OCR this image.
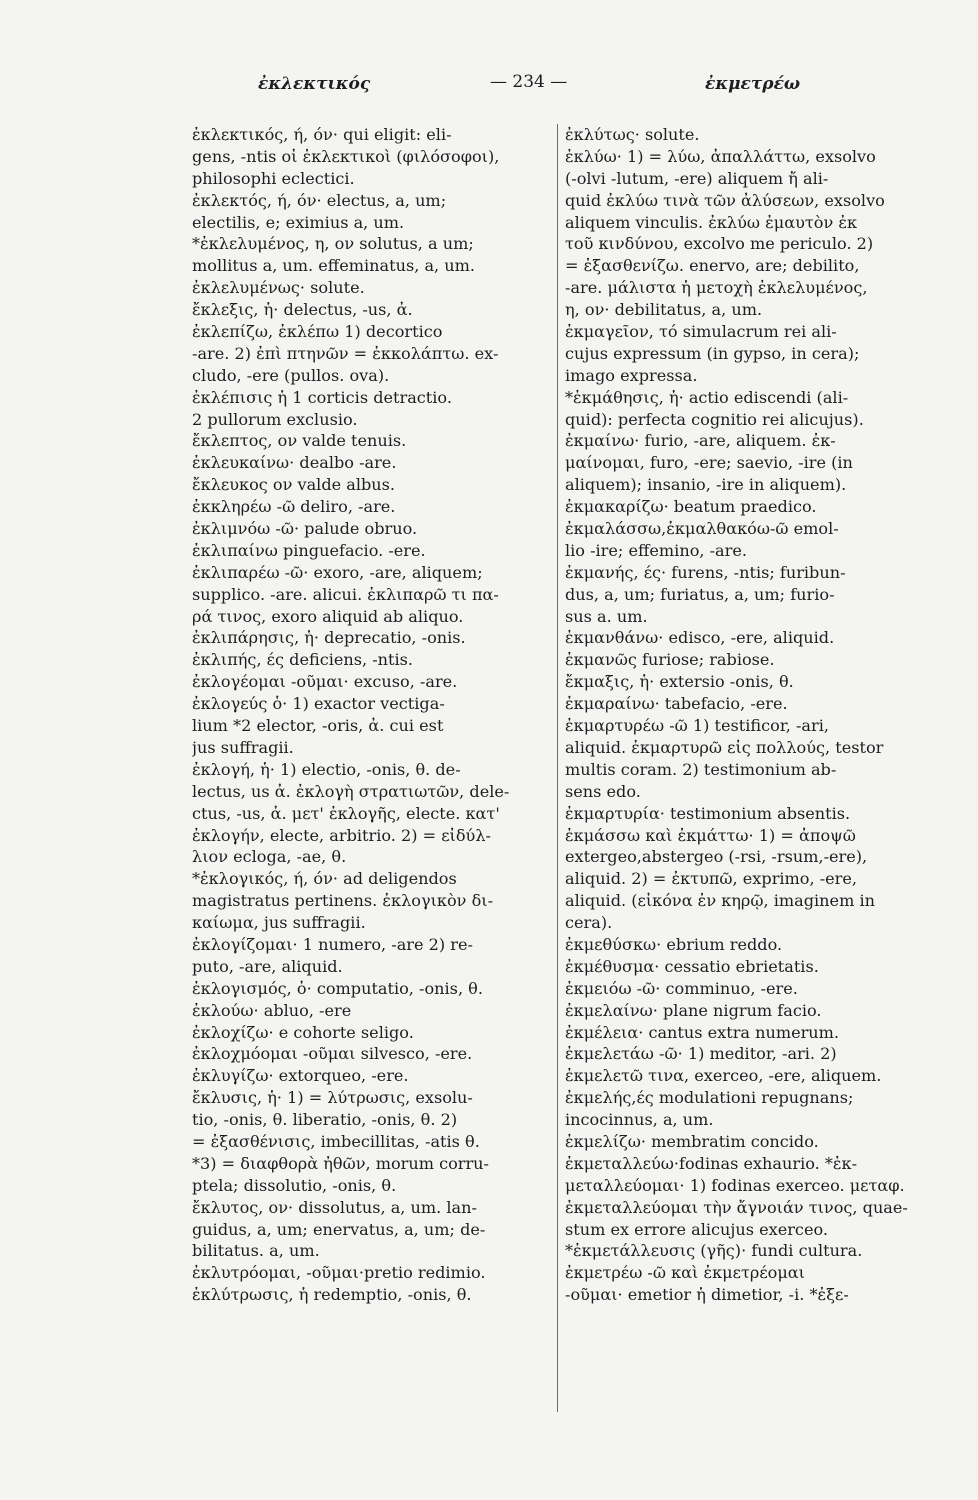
ἐκλεκτικός	— 234 —	ἐκμετρέω
ἐκλεκτικός, ή, όν· qui eligit: eli-
gens, -ntis οἱ ἐκλεκτικοὶ (φιλόσοφοι),
philosophi eclectici.
ἐκλεκτός, ή, όν· electus, a, um;
electilis, e; eximius a, um.
*ἐκλελυμένος, η, ον solutus, a um;
mollitus a, um. effeminatus, a, um.
ἐκλελυμένως· solute.
ἔκλεξις, ἡ· delectus, -us, ἀ.
ἐκλεπίζω, ἐκλέπω 1) decortico
-are. 2) ἐπὶ πτηνῶν = ἐκκολάπτω. ex-
cludo, -ere (pullos. ova).
ἐκλέπισις ἡ 1 corticis detractio.
2 pullorum exclusio.
ἔκλεπτος, ον valde tenuis.
ἐκλευκαίνω· dealbo -are.
ἔκλευκος ον valde albus.
ἐκκληρέω -ῶ deliro, -are.
ἐκλιμνόω -ῶ· palude obruo.
ἐκλιπαίνω pinguefacio. -ere.
ἐκλιπαρέω -ῶ· exoro, -are, aliquem;
supplico. -are. alicui. ἐκλιπαρῶ τι πα-
ρά τινος, exoro aliquid ab aliquo.
ἐκλιπάρησις, ἡ· deprecatio, -onis.
ἐκλιπής, ές deficiens, -ntis.
ἐκλογέομαι -οῦμαι· excuso, -are.
ἐκλογεύς ὁ· 1) exactor vectiga-
lium *2 elector, -oris, ἀ. cui est
jus suffragii.
ἐκλογή, ἡ· 1) electio, -onis, θ. de-
lectus, us ἀ. ἐκλογὴ στρατιωτῶν, dele-
ctus, -us, ἀ. μετ' ἐκλογῆς, electe. κατ'
ἐκλογήν, electe, arbitrio. 2) = εἰδύλ-
λιον ecloga, -ae, θ.
*ἐκλογικός, ή, όν· ad deligendos
magistratus pertinens. ἐκλογικὸν δι-
καίωμα, jus suffragii.
ἐκλογίζομαι· 1 numero, -are 2) re-
puto, -are, aliquid.
ἐκλογισμός, ὁ· computatio, -onis, θ.
ἐκλούω· abluo, -ere
ἐκλοχίζω· e cohorte seligo.
ἐκλοχμόομαι -οῦμαι silvesco, -ere.
ἐκλυγίζω· extorqueo, -ere.
ἔκλυσις, ἡ· 1) = λύτρωσις, exsolu-
tio, -onis, θ. liberatio, -onis, θ. 2)
= ἐξασθένισις, imbecillitas, -atis θ.
*3) = διαφθορὰ ἠθῶν, morum corru-
ptela; dissolutio, -onis, θ.
ἔκλυτος, ον· dissolutus, a, um. lan-
guidus, a, um; enervatus, a, um; de-
bilitatus. a, um.
ἐκλυτρόομαι, -οῦμαι·pretio redimio.
ἐκλύτρωσις, ἡ redemptio, -onis, θ.
ἐκλύτως· solute.
ἐκλύω· 1) = λύω, ἀπαλλάττω, exsolvo
(-olvi -lutum, -ere) aliquem ἤ ali-
quid ἐκλύω τινὰ τῶν ἀλύσεων, exsolvo
aliquem vinculis. ἐκλύω ἐμαυτὸν ἐκ
τοῦ κινδύνου, excolvo me periculo. 2)
= ἐξασθενίζω. enervo, are; debilito,
-are. μάλιστα ἡ μετοχὴ ἐκλελυμένος,
η, ον· debilitatus, a, um.
ἐκμαγεῖον, τό simulacrum rei ali-
cujus expressum (in gypso, in cera);
imago expressa.
*ἐκμάθησις, ἡ· actio ediscendi (ali-
quid): perfecta cognitio rei alicujus).
ἐκμαίνω· furio, -are, aliquem. ἐκ-
μαίνομαι, furo, -ere; saevio, -ire (in
aliquem); insanio, -ire in aliquem).
ἐκμακαρίζω· beatum praedico.
ἐκμαλάσσω,ἐκμαλθακόω-ῶ emol-
lio -ire; effemino, -are.
ἐκμανής, ές· furens, -ntis; furibun-
dus, a, um; furiatus, a, um; furio-
sus a. um.
ἐκμανθάνω· edisco, -ere, aliquid.
ἐκμανῶς furiose; rabiose.
ἔκμαξις, ἡ· extersio -onis, θ.
ἐκμαραίνω· tabefacio, -ere.
ἐκμαρτυρέω -ῶ 1) testificor, -ari,
aliquid. ἐκμαρτυρῶ εἰς πολλούς, testor
multis coram. 2) testimonium ab-
sens edo.
ἐκμαρτυρία· testimonium absentis.
ἐκμάσσω καὶ ἐκμάττω· 1) = ἀποψῶ
extergeo,abstergeo (-rsi, -rsum,-ere),
aliquid. 2) = ἐκτυπῶ, exprimo, -ere,
aliquid. (εἰκόνα ἐν κηρῷ, imaginem in
cera).
ἐκμεθύσκω· ebrium reddo.
ἐκμέθυσμα· cessatio ebrietatis.
ἐκμειόω -ῶ· comminuo, -ere.
ἐκμελαίνω· plane nigrum facio.
ἐκμέλεια· cantus extra numerum.
ἐκμελετάω -ῶ· 1) meditor, -ari. 2)
ἐκμελετῶ τινα, exerceo, -ere, aliquem.
ἐκμελής,ές modulationi repugnans;
incocinnus, a, um.
ἐκμελίζω· membratim concido.
ἐκμεταλλεύω·fodinas exhaurio. *ἐκ-
μεταλλεύομαι· 1) fodinas exerceo. μεταφ.
ἐκμεταλλεύομαι τὴν ἄγνοιάν τινος, quae-
stum ex errore alicujus exerceo.
*ἐκμετάλλευσις (γῆς)· fundi cultura.
ἐκμετρέω -ῶ καὶ ἐκμετρέομαι
-οῦμαι· emetior ἡ dimetior, -i. *ἐξε-
